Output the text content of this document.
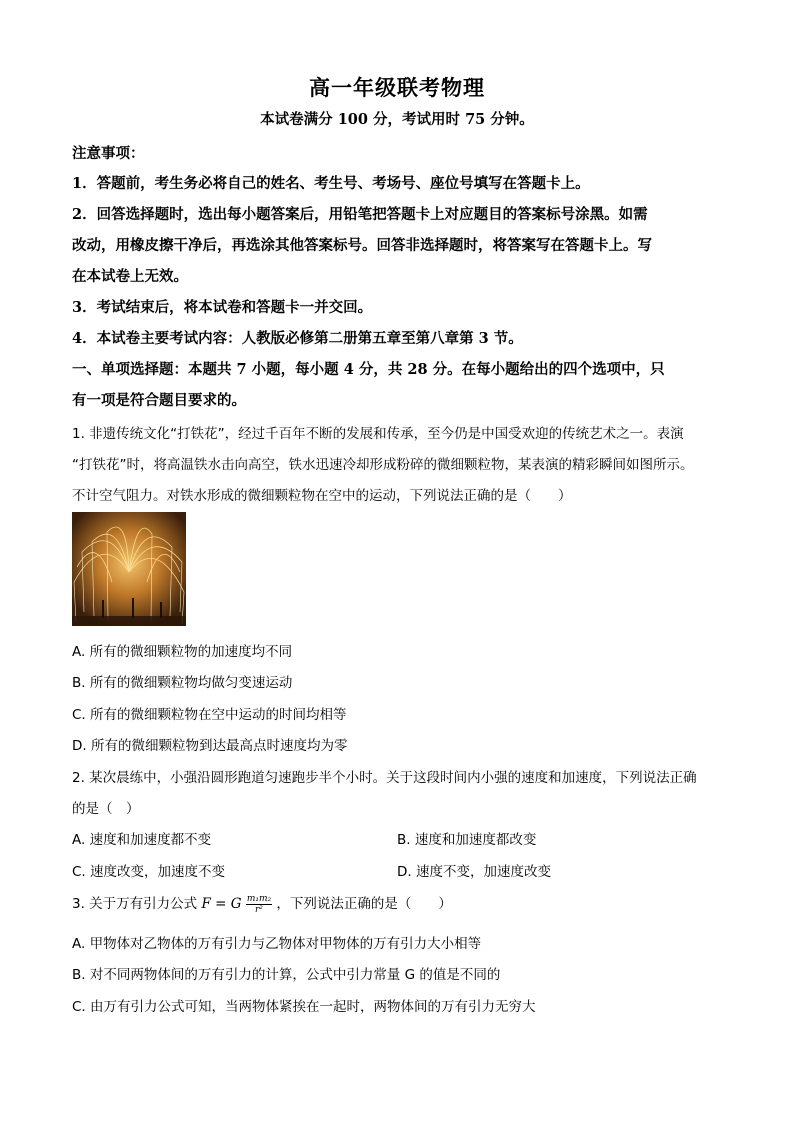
高一年级联考物理
本试卷满分 100 分，考试用时 75 分钟。
注意事项：
1．答题前，考生务必将自己的姓名、考生号、考场号、座位号填写在答题卡上。
2．回答选择题时，选出每小题答案后，用铅笔把答题卡上对应题目的答案标号涂黑。如需
改动，用橡皮擦干净后，再选涂其他答案标号。回答非选择题时，将答案写在答题卡上。写
在本试卷上无效。
3．考试结束后，将本试卷和答题卡一并交回。
4．本试卷主要考试内容：人教版必修第二册第五章至第八章第 3 节。
一、单项选择题：本题共 7 小题，每小题 4 分，共 28 分。在每小题给出的四个选项中，只
有一项是符合题目要求的。
1. 非遗传统文化“打铁花”，经过千百年不断的发展和传承，至今仍是中国受欢迎的传统艺术之一。表演
“打铁花”时，将高温铁水击向高空，铁水迅速冷却形成粉碎的微细颗粒物，某表演的精彩瞬间如图所示。
不计空气阻力。对铁水形成的微细颗粒物在空中的运动，下列说法正确的是（　　）
A. 所有的微细颗粒物的加速度均不同
B. 所有的微细颗粒物均做匀变速运动
C. 所有的微细颗粒物在空中运动的时间均相等
D. 所有的微细颗粒物到达最高点时速度均为零
2. 某次晨练中，小强沿圆形跑道匀速跑步半个小时。关于这段时间内小强的速度和加速度，下列说法正确
的是（　）
A. 速度和加速度都不变	B. 速度和加速度都改变
C. 速度改变，加速度不变	D. 速度不变，加速度改变
3. 关于万有引力公式 F = G $\frac{\text{m₁m₂}}{\text{r²}}$ ，下列说法正确的是（　　）
A. 甲物体对乙物体的万有引力与乙物体对甲物体的万有引力大小相等
B. 对不同两物体间的万有引力的计算，公式中引力常量 G 的值是不同的
C. 由万有引力公式可知，当两物体紧挨在一起时，两物体间的万有引力无穷大
